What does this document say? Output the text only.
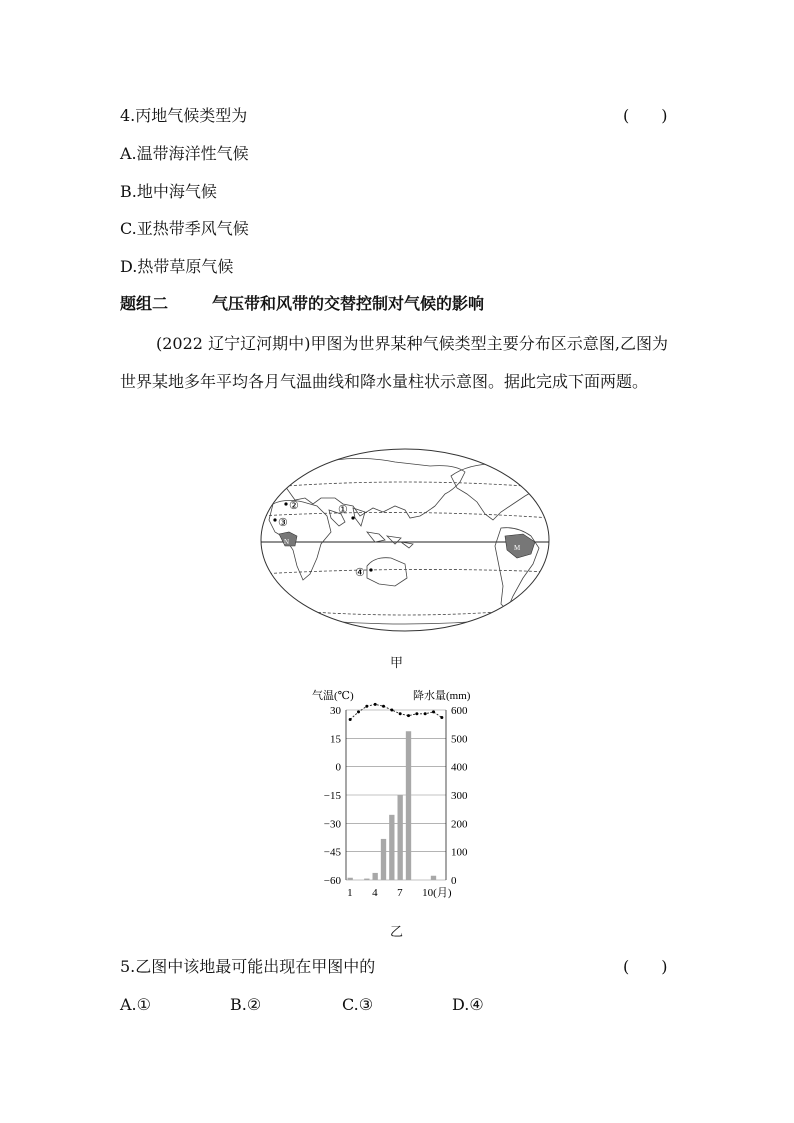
4.丙地气候类型为	(　　)
A.温带海洋性气候
B.地中海气候
C.亚热带季风气候
D.热带草原气候
题组二	气压带和风带的交替控制对气候的影响
(2022 辽宁辽河期中)甲图为世界某种气候类型主要分布区示意图,乙图为世界某地多年平均各月气温曲线和降水量柱状示意图。据此完成下面两题。
①
②
③
④
N
M
甲
气温(℃)	降水量(mm)
30	600
15	500
0	400
−15	300
−30	200
−45	100
−60	0
1 4 7 10(月)
乙
5.乙图中该地最可能出现在甲图中的	(　　)
A.①	B.②	C.③	D.④
